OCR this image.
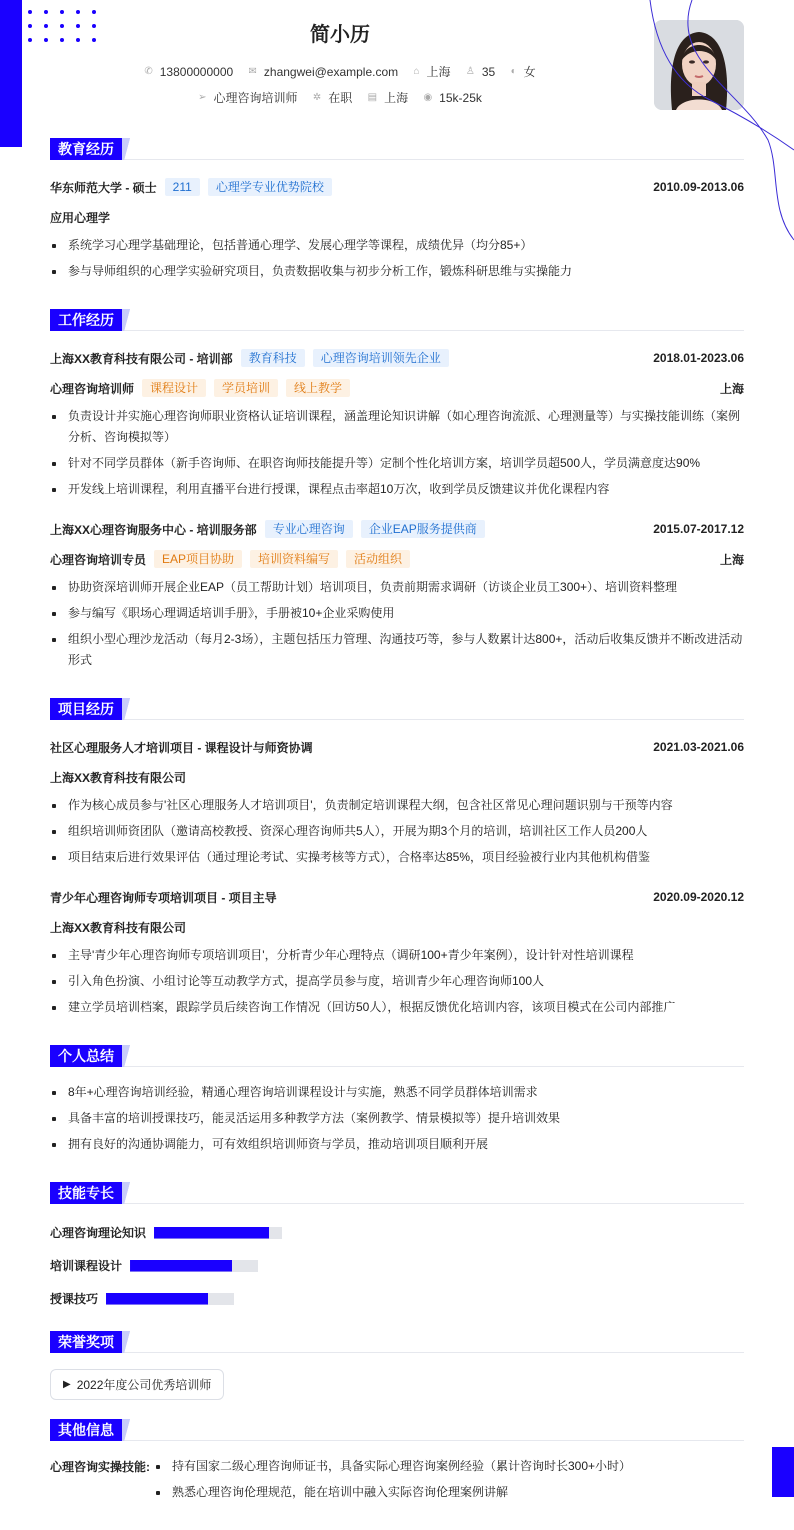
简小历
✆ 13800000000
✉ zhangwei@example.com
⌂ 上海
♙ 35
◐ 女
➢ 心理咨询培训师
✲ 在职
▤ 上海
◉ 15k-25k
教育经历
华东师范大学 - 硕士	211	心理学专业优势院校	2010.09-2013.06
应用心理学
系统学习心理学基础理论，包括普通心理学、发展心理学等课程，成绩优异（均分85+）
参与导师组织的心理学实验研究项目，负责数据收集与初步分析工作，锻炼科研思维与实操能力
工作经历
上海XX教育科技有限公司 - 培训部	教育科技	心理咨询培训领先企业	2018.01-2023.06
心理咨询培训师	课程设计	学员培训	线上教学	上海
负责设计并实施心理咨询师职业资格认证培训课程，涵盖理论知识讲解（如心理咨询流派、心理测量等）与实操技能训练（案例分析、咨询模拟等）
针对不同学员群体（新手咨询师、在职咨询师技能提升等）定制个性化培训方案，培训学员超500人，学员满意度达90%
开发线上培训课程，利用直播平台进行授课，课程点击率超10万次，收到学员反馈建议并优化课程内容
上海XX心理咨询服务中心 - 培训服务部	专业心理咨询	企业EAP服务提供商	2015.07-2017.12
心理咨询培训专员	EAP项目协助	培训资料编写	活动组织	上海
协助资深培训师开展企业EAP（员工帮助计划）培训项目，负责前期需求调研（访谈企业员工300+）、培训资料整理
参与编写《职场心理调适培训手册》，手册被10+企业采购使用
组织小型心理沙龙活动（每月2-3场），主题包括压力管理、沟通技巧等，参与人数累计达800+，活动后收集反馈并不断改进活动形式
项目经历
社区心理服务人才培训项目 - 课程设计与师资协调	2021.03-2021.06
上海XX教育科技有限公司
作为核心成员参与'社区心理服务人才培训项目'，负责制定培训课程大纲，包含社区常见心理问题识别与干预等内容
组织培训师资团队（邀请高校教授、资深心理咨询师共5人），开展为期3个月的培训，培训社区工作人员200人
项目结束后进行效果评估（通过理论考试、实操考核等方式），合格率达85%，项目经验被行业内其他机构借鉴
青少年心理咨询师专项培训项目 - 项目主导	2020.09-2020.12
上海XX教育科技有限公司
主导'青少年心理咨询师专项培训项目'，分析青少年心理特点（调研100+青少年案例），设计针对性培训课程
引入角色扮演、小组讨论等互动教学方式，提高学员参与度，培训青少年心理咨询师100人
建立学员培训档案，跟踪学员后续咨询工作情况（回访50人），根据反馈优化培训内容，该项目模式在公司内部推广
个人总结
8年+心理咨询培训经验，精通心理咨询培训课程设计与实施，熟悉不同学员群体培训需求
具备丰富的培训授课技巧，能灵活运用多种教学方法（案例教学、情景模拟等）提升培训效果
拥有良好的沟通协调能力，可有效组织培训师资与学员，推动培训项目顺利开展
技能专长
心理咨询理论知识
培训课程设计
授课技巧
荣誉奖项
▶ 2022年度公司优秀培训师
其他信息
心理咨询实操技能:	持有国家二级心理咨询师证书，具备实际心理咨询案例经验（累计咨询时长300+小时）
熟悉心理咨询伦理规范，能在培训中融入实际咨询伦理案例讲解
